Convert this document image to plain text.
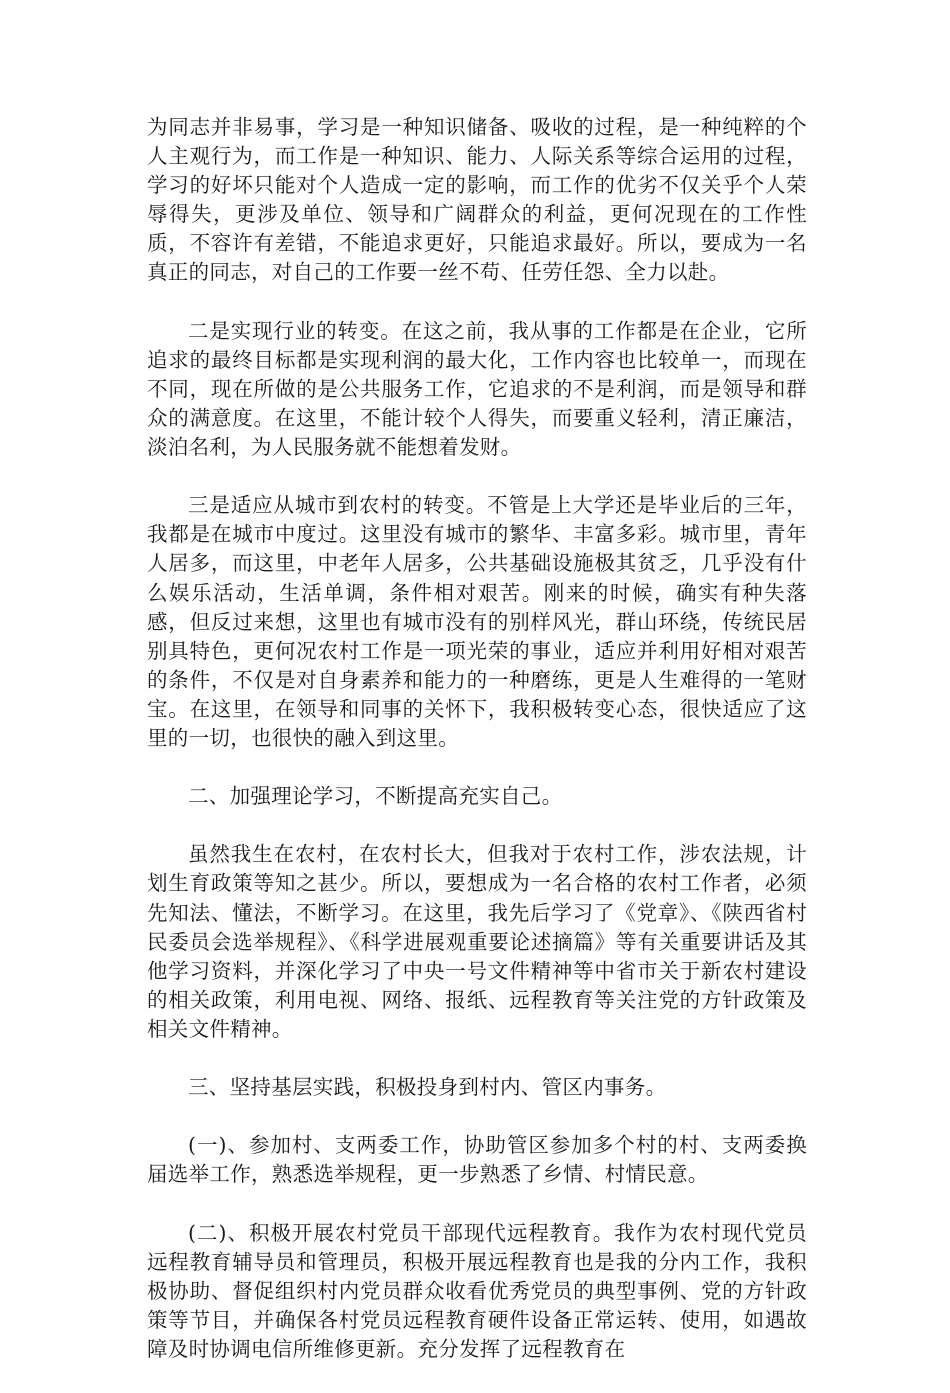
为同志并非易事，学习是一种知识储备、吸收的过程，是一种纯粹的个人主观行为，而工作是一种知识、能力、人际关系等综合运用的过程，学习的好坏只能对个人造成一定的影响，而工作的优劣不仅关乎个人荣辱得失，更涉及单位、领导和广阔群众的利益，更何况现在的工作性质，不容许有差错，不能追求更好，只能追求最好。所以，要成为一名真正的同志，对自己的工作要一丝不苟、任劳任怨、全力以赴。

二是实现行业的转变。在这之前，我从事的工作都是在企业，它所追求的最终目标都是实现利润的最大化，工作内容也比较单一，而现在不同，现在所做的是公共服务工作，它追求的不是利润，而是领导和群众的满意度。在这里，不能计较个人得失，而要重义轻利，清正廉洁，淡泊名利，为人民服务就不能想着发财。

三是适应从城市到农村的转变。不管是上大学还是毕业后的三年，我都是在城市中度过。这里没有城市的繁华、丰富多彩。城市里，青年人居多，而这里，中老年人居多，公共基础设施极其贫乏，几乎没有什么娱乐活动，生活单调，条件相对艰苦。刚来的时候，确实有种失落感，但反过来想，这里也有城市没有的别样风光，群山环绕，传统民居别具特色，更何况农村工作是一项光荣的事业，适应并利用好相对艰苦的条件，不仅是对自身素养和能力的一种磨练，更是人生难得的一笔财宝。在这里，在领导和同事的关怀下，我积极转变心态，很快适应了这里的一切，也很快的融入到这里。

二、加强理论学习，不断提高充实自己。

虽然我生在农村，在农村长大，但我对于农村工作，涉农法规，计划生育政策等知之甚少。所以，要想成为一名合格的农村工作者，必须先知法、懂法，不断学习。在这里，我先后学习了《党章》、《陕西省村民委员会选举规程》、《科学进展观重要论述摘篇》等有关重要讲话及其他学习资料，并深化学习了中央一号文件精神等中省市关于新农村建设的相关政策，利用电视、网络、报纸、远程教育等关注党的方针政策及相关文件精神。

三、坚持基层实践，积极投身到村内、管区内事务。

(一)、参加村、支两委工作，协助管区参加多个村的村、支两委换届选举工作，熟悉选举规程，更一步熟悉了乡情、村情民意。

(二)、积极开展农村党员干部现代远程教育。我作为农村现代党员远程教育辅导员和管理员，积极开展远程教育也是我的分内工作，我积极协助、督促组织村内党员群众收看优秀党员的典型事例、党的方针政策等节目，并确保各村党员远程教育硬件设备正常运转、使用，如遇故障及时协调电信所维修更新。充分发挥了远程教育在
